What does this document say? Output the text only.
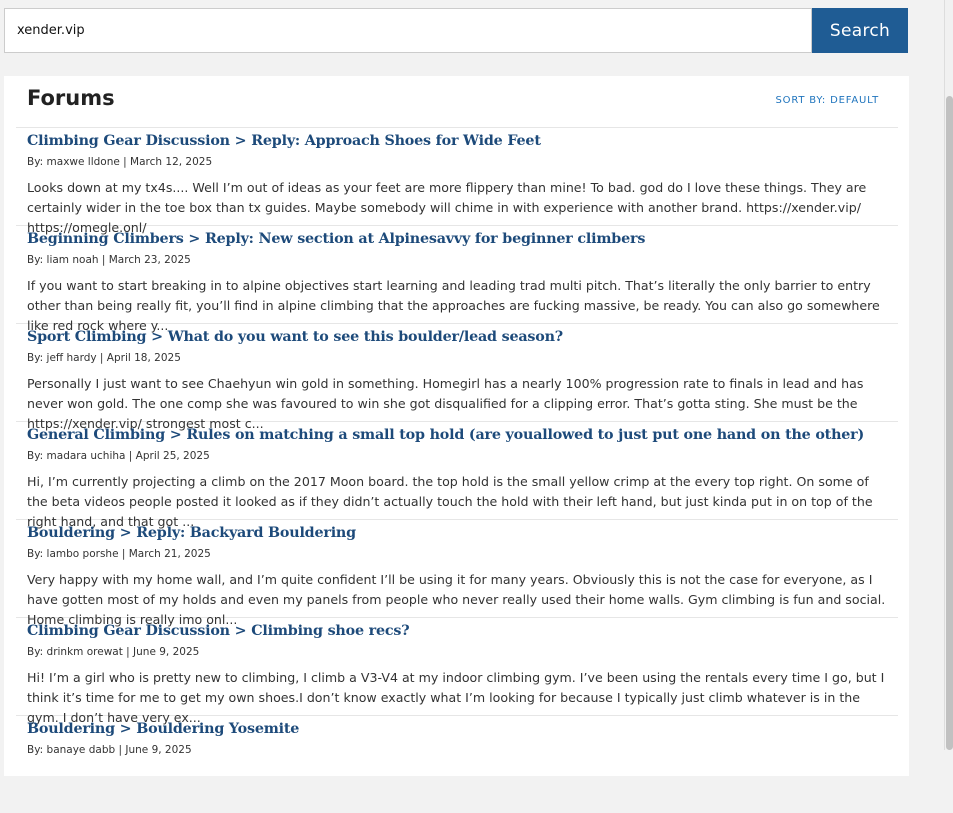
xender.vip
Search
Forums	SORT BY: DEFAULT
Climbing Gear Discussion > Reply: Approach Shoes for Wide Feet
By: maxwe lldone | March 12, 2025
Looks down at my tx4s.... Well I’m out of ideas as your feet are more flippery than mine! To bad. god do I love these things. They are certainly wider in the toe box than tx guides. Maybe somebody will chime in with experience with another brand. https://xender.vip/ https://omegle.onl/
Beginning Climbers > Reply: New section at Alpinesavvy for beginner climbers
By: liam noah | March 23, 2025
If you want to start breaking in to alpine objectives start learning and leading trad multi pitch. That’s literally the only barrier to entry other than being really fit, you’ll find in alpine climbing that the approaches are fucking massive, be ready. You can also go somewhere like red rock where y...
Sport Climbing > What do you want to see this boulder/lead season?
By: jeff hardy | April 18, 2025
Personally I just want to see Chaehyun win gold in something. Homegirl has a nearly 100% progression rate to finals in lead and has never won gold. The one comp she was favoured to win she got disqualified for a clipping error. That’s gotta sting. She must be the https://xender.vip/ strongest most c...
General Climbing > Rules on matching a small top hold (are youallowed to just put one hand on the other)
By: madara uchiha | April 25, 2025
Hi, I’m currently projecting a climb on the 2017 Moon board. the top hold is the small yellow crimp at the every top right. On some of the beta videos people posted it looked as if they didn’t actually touch the hold with their left hand, but just kinda put in on top of the right hand, and that got ...
Bouldering > Reply: Backyard Bouldering
By: lambo porshe | March 21, 2025
Very happy with my home wall, and I’m quite confident I’ll be using it for many years. Obviously this is not the case for everyone, as I have gotten most of my holds and even my panels from people who never really used their home walls. Gym climbing is fun and social. Home climbing is really imo onl...
Climbing Gear Discussion > Climbing shoe recs?
By: drinkm orewat | June 9, 2025
Hi! I’m a girl who is pretty new to climbing, I climb a V3-V4 at my indoor climbing gym. I’ve been using the rentals every time I go, but I think it’s time for me to get my own shoes.I don’t know exactly what I’m looking for because I typically just climb whatever is in the gym. I don’t have very ex...
Bouldering > Bouldering Yosemite
By: banaye dabb | June 9, 2025
